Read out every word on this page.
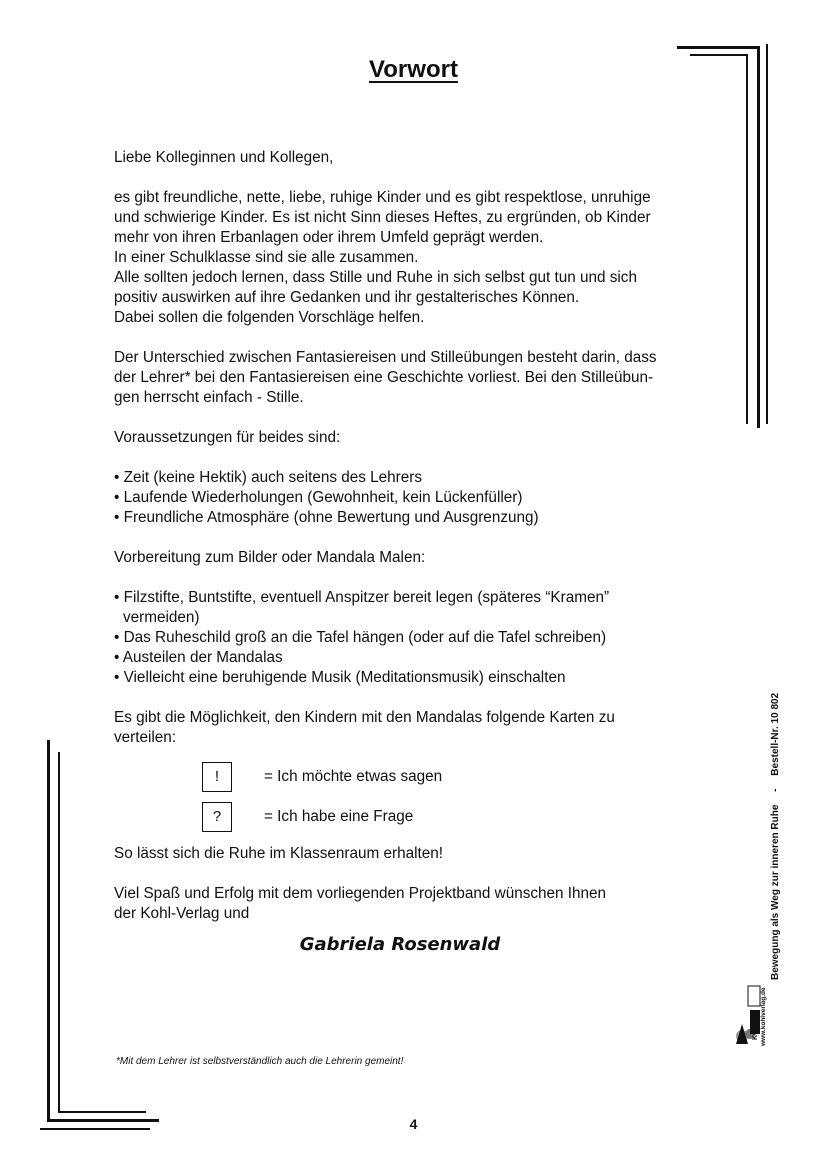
Vorwort

Liebe Kolleginnen und Kollegen,

es gibt freundliche, nette, liebe, ruhige Kinder und es gibt respektlose, unruhige

und schwierige Kinder. Es ist nicht Sinn dieses Heftes, zu ergründen, ob Kinder

mehr von ihren Erbanlagen oder ihrem Umfeld geprägt werden.

In einer Schulklasse sind sie alle zusammen.

Alle sollten jedoch lernen, dass Stille und Ruhe in sich selbst gut tun und sich

positiv auswirken auf ihre Gedanken und ihr gestalterisches Können.

Dabei sollen die folgenden Vorschläge helfen.

Der Unterschied zwischen Fantasiereisen und Stilleübungen besteht darin, dass

der Lehrer* bei den Fantasiereisen eine Geschichte vorliest. Bei den Stilleübun-

gen herrscht einfach - Stille.

Voraussetzungen für beides sind:

• Zeit (keine Hektik) auch seitens des Lehrers

• Laufende Wiederholungen (Gewohnheit, kein Lückenfüller)

• Freundliche Atmosphäre (ohne Bewertung und Ausgrenzung)

Vorbereitung zum Bilder oder Mandala Malen:

• Filzstifte, Buntstifte, eventuell Anspitzer bereit legen (späteres “Kramen”

vermeiden)

• Das Ruheschild groß an die Tafel hängen (oder auf die Tafel schreiben)

• Austeilen der Mandalas

• Vielleicht eine beruhigende Musik (Meditationsmusik) einschalten

Es gibt die Möglichkeit, den Kindern mit den Mandalas folgende Karten zu

verteilen:

!	= Ich möchte etwas sagen
?	= Ich habe eine Frage

So lässt sich die Ruhe im Klassenraum erhalten!

Viel Spaß und Erfolg mit dem vorliegenden Projektband wünschen Ihnen

der Kohl-Verlag und

Gabriela Rosenwald
*Mit dem Lehrer ist selbstverständlich auch die Lehrerin gemeint!
4
Bewegung als Weg zur inneren Ruhe - Bestell-Nr. 10 802
KOHL www.kohlverlag.de
